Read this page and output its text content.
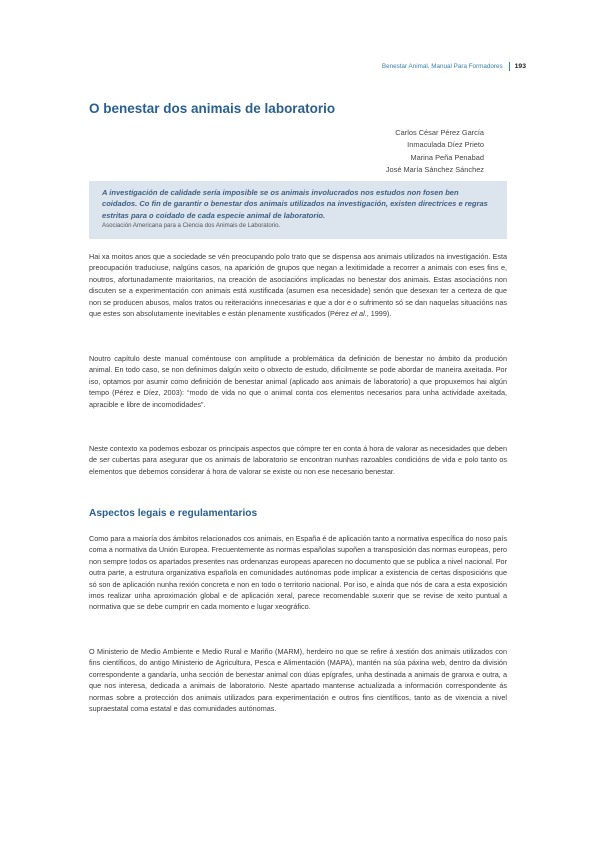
Benestar Animal. Manual Para Formadores 193
O benestar dos animais de laboratorio
Carlos César Pérez García
Inmaculada Díez Prieto
Marina Peña Penabad
José María Sánchez Sánchez

A investigación de calidade sería imposible se os animais involucrados nos estudos non fosen ben coidados. Co fin de garantir o benestar dos animais utilizados na investigación, existen directrices e regras estritas para o coidado de cada especie animal de laboratorio.

Asociación Americana para a Ciencia dos Animais de Laboratorio.

Hai xa moitos anos que a sociedade se vén preocupando polo trato que se dispensa aos animais utilizados na investigación. Esta preocupación traduciuse, nalgúns casos, na aparición de grupos que negan a lexitimidade a recorrer a animais con eses fins e, noutros, afortunadamente maioritarios, na creación de asociacións implicadas no benestar dos animais. Estas asociacións non discuten se a experimentación con animais está xustificada (asumen esa necesidade) senón que desexan ter a certeza de que non se producen abusos, malos tratos ou reiteracións innecesarias e que a dor e o sufrimento só se dan naquelas situacións nas que estes son absolutamente inevitables e están plenamente xustificados (Pérez et al., 1999).

Noutro capítulo deste manual coméntouse con amplitude a problemática da definición de benestar no ámbito da produción animal. En todo caso, se non definimos dalgún xeito o obxecto de estudo, dificilmente se pode abordar de maneira axeitada. Por iso, optamos por asumir como definición de benestar animal (aplicado aos animais de laboratorio) a que propuxemos hai algún tempo (Pérez e Díez, 2003): “modo de vida no que o animal conta cos elementos necesarios para unha actividade axeitada, apracible e libre de incomodidades”.

Neste contexto xa podemos esbozar os principais aspectos que cómpre ter en conta á hora de valorar as necesidades que deben de ser cubertas para asegurar que os animais de laboratorio se encontran nunhas razoables condicións de vida e polo tanto os elementos que debemos considerar á hora de valorar se existe ou non ese necesario benestar.

Aspectos legais e regulamentarios

Como para a maioría dos ámbitos relacionados cos animais, en España é de aplicación tanto a normativa específica do noso país coma a normativa da Unión Europea. Frecuentemente as normas españolas supoñen a transposición das normas europeas, pero non sempre todos os apartados presentes nas ordenanzas europeas aparecen no documento que se publica a nivel nacional. Por outra parte, a estrutura organizativa española en comunidades autónomas pode implicar a existencia de certas disposicións que só son de aplicación nunha rexión concreta e non en todo o territorio nacional. Por iso, e aínda que nós de cara a esta exposición imos realizar unha aproximación global e de aplicación xeral, parece recomendable suxerir que se revise de xeito puntual a normativa que se debe cumprir en cada momento e lugar xeográfico.

O Ministerio de Medio Ambiente e Medio Rural e Mariño (MARM), herdeiro no que se refire á xestión dos animais utilizados con fins científicos, do antigo Ministerio de Agricultura, Pesca e Alimentación (MAPA), mantén na súa páxina web, dentro da división correspondente a gandaría, unha sección de benestar animal con dúas epígrafes, unha destinada a animais de granxa e outra, a que nos interesa, dedicada a animais de laboratorio. Neste apartado mantense actualizada a información correspondente ás normas sobre a protección dos animais utilizados para experimentación e outros fins científicos, tanto as de vixencia a nivel supraestatal coma estatal e das comunidades autónomas.
